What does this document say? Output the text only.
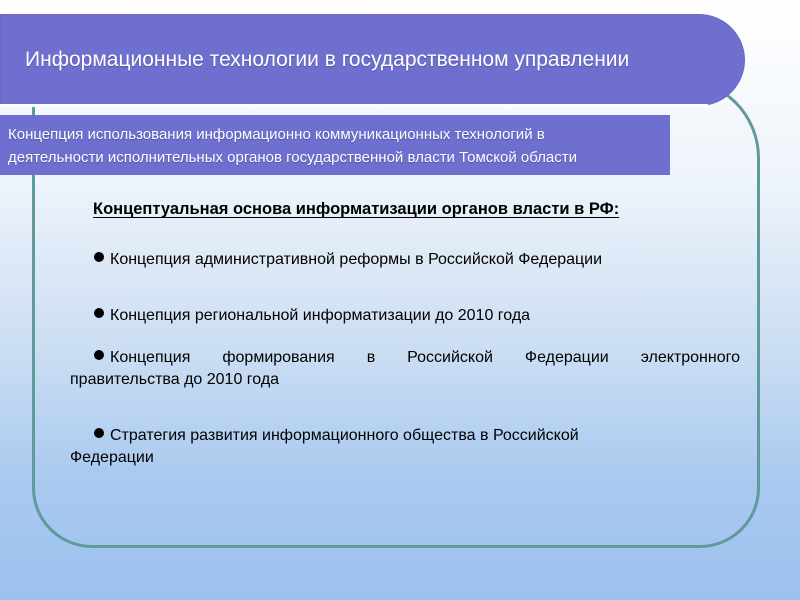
Информационные технологии в государственном управлении
Концепция использования информационно коммуникационных технологий в
деятельности исполнительных органов государственной власти Томской области
Концептуальная основа информатизации органов власти в РФ:
Концепция административной реформы в Российской Федерации
Концепция региональной информатизации до 2010 года
Концепция формирования в Российской Федерации электронного
правительства до 2010 года
Стратегия развития информационного общества в Российской
Федерации
